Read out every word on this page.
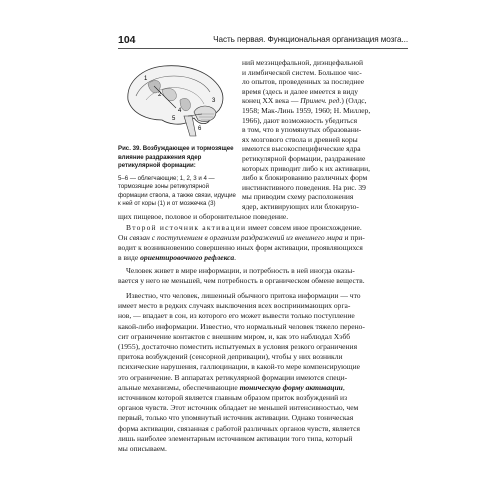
104	Часть первая. Функциональная организация мозга...
1
2
3
4
5
6
Рис. 39. Возбуждающее и тормозящее влияние раздражения ядер ретикулярной формации:
5–6 — облегчающие; 1, 2, 3 и 4 — тормозящие зоны ретикулярной формации ствола, а также связи, идущие к ней от коры (1) и от мозжечка (3)
ний мезэнцефальной, диэнцефальной
и лимбической систем. Большое чис-
ло опытов, проведенных за последнее
время (здесь и далее имеется в виду
конец XX века — Примеч. ред.) (Олдс,
1958; Мак-Линь 1959, 1960; Н. Миллер,
1966), дают возможность убедиться
в том, что в упомянутых образовани-
ях мозгового ствола и древней коры
имеются высокоспецифические ядра
ретикулярной формации, раздражение
которых приводит либо к их активации,
либо к блокированию различных форм
инстинктивного поведения. На рис. 39
мы приводим схему расположения
ядер, активирующих или блокирую-
щих пищевое, половое и оборонительное поведение.
Второй источник активации имеет совсем иное происхождение.
Он связан с поступлением в организм раздражений из внешнего мира и при-
водит к возникновению совершенно иных форм активации, проявляющихся
в виде ориентировочного рефлекса.
Человек живет в мире информации, и потребность в ней иногда оказы-
вается у него не меньшей, чем потребность в органическом обмене веществ.
Известно, что человек, лишенный обычного притока информации — что
имеет место в редких случаях выключения всех воспринимающих орга-
нов, — впадает в сон, из которого его может вывести только поступление
какой-либо информации. Известно, что нормальный человек тяжело перено-
сит ограничение контактов с внешним миром, и, как это наблюдал Хэбб
(1955), достаточно поместить испытуемых в условия резкого ограничения
притока возбуждений (сенсорной депривации), чтобы у них возникли
психические нарушения, галлюцинации, в какой-то мере компенсирующие
это ограничение. В аппаратах ретикулярной формации имеются специ-
альные механизмы, обеспечивающие тоническую форму активации,
источником которой является главным образом приток возбуждений из
органов чувств. Этот источник обладает не меньшей интенсивностью, чем
первый, только что упомянутый источник активации. Однако тоническая
форма активации, связанная с работой различных органов чувств, является
лишь наиболее элементарным источником активации того типа, который
мы описываем.
